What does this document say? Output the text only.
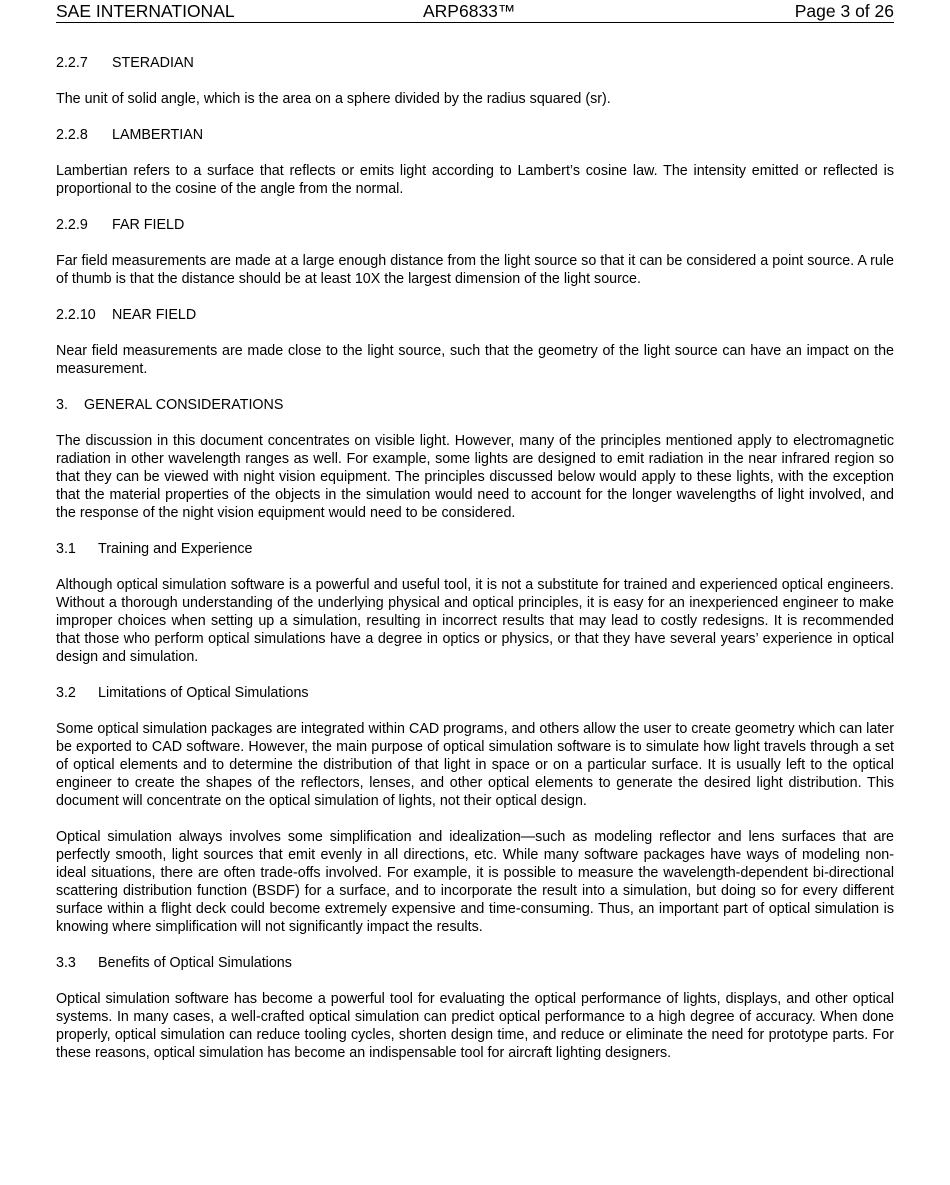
SAE INTERNATIONAL	ARP6833™	Page 3 of 26
2.2.7	STERADIAN

The unit of solid angle, which is the area on a sphere divided by the radius squared (sr).

2.2.8	LAMBERTIAN

Lambertian refers to a surface that reflects or emits light according to Lambert’s cosine law. The intensity emitted or reflected is proportional to the cosine of the angle from the normal.

2.2.9	FAR FIELD

Far field measurements are made at a large enough distance from the light source so that it can be considered a point source. A rule of thumb is that the distance should be at least 10X the largest dimension of the light source.

2.2.10	NEAR FIELD

Near field measurements are made close to the light source, such that the geometry of the light source can have an impact on the measurement.

3.	GENERAL CONSIDERATIONS

The discussion in this document concentrates on visible light. However, many of the principles mentioned apply to electromagnetic radiation in other wavelength ranges as well. For example, some lights are designed to emit radiation in the near infrared region so that they can be viewed with night vision equipment. The principles discussed below would apply to these lights, with the exception that the material properties of the objects in the simulation would need to account for the longer wavelengths of light involved, and the response of the night vision equipment would need to be considered.

3.1	Training and Experience

Although optical simulation software is a powerful and useful tool, it is not a substitute for trained and experienced optical engineers. Without a thorough understanding of the underlying physical and optical principles, it is easy for an inexperienced engineer to make improper choices when setting up a simulation, resulting in incorrect results that may lead to costly redesigns. It is recommended that those who perform optical simulations have a degree in optics or physics, or that they have several years’ experience in optical design and simulation.

3.2	Limitations of Optical Simulations

Some optical simulation packages are integrated within CAD programs, and others allow the user to create geometry which can later be exported to CAD software. However, the main purpose of optical simulation software is to simulate how light travels through a set of optical elements and to determine the distribution of that light in space or on a particular surface. It is usually left to the optical engineer to create the shapes of the reflectors, lenses, and other optical elements to generate the desired light distribution. This document will concentrate on the optical simulation of lights, not their optical design.

Optical simulation always involves some simplification and idealization—such as modeling reflector and lens surfaces that are perfectly smooth, light sources that emit evenly in all directions, etc. While many software packages have ways of modeling non-ideal situations, there are often trade-offs involved. For example, it is possible to measure the wavelength-dependent bi-directional scattering distribution function (BSDF) for a surface, and to incorporate the result into a simulation, but doing so for every different surface within a flight deck could become extremely expensive and time-consuming. Thus, an important part of optical simulation is knowing where simplification will not significantly impact the results.

3.3	Benefits of Optical Simulations

Optical simulation software has become a powerful tool for evaluating the optical performance of lights, displays, and other optical systems. In many cases, a well-crafted optical simulation can predict optical performance to a high degree of accuracy. When done properly, optical simulation can reduce tooling cycles, shorten design time, and reduce or eliminate the need for prototype parts. For these reasons, optical simulation has become an indispensable tool for aircraft lighting designers.
